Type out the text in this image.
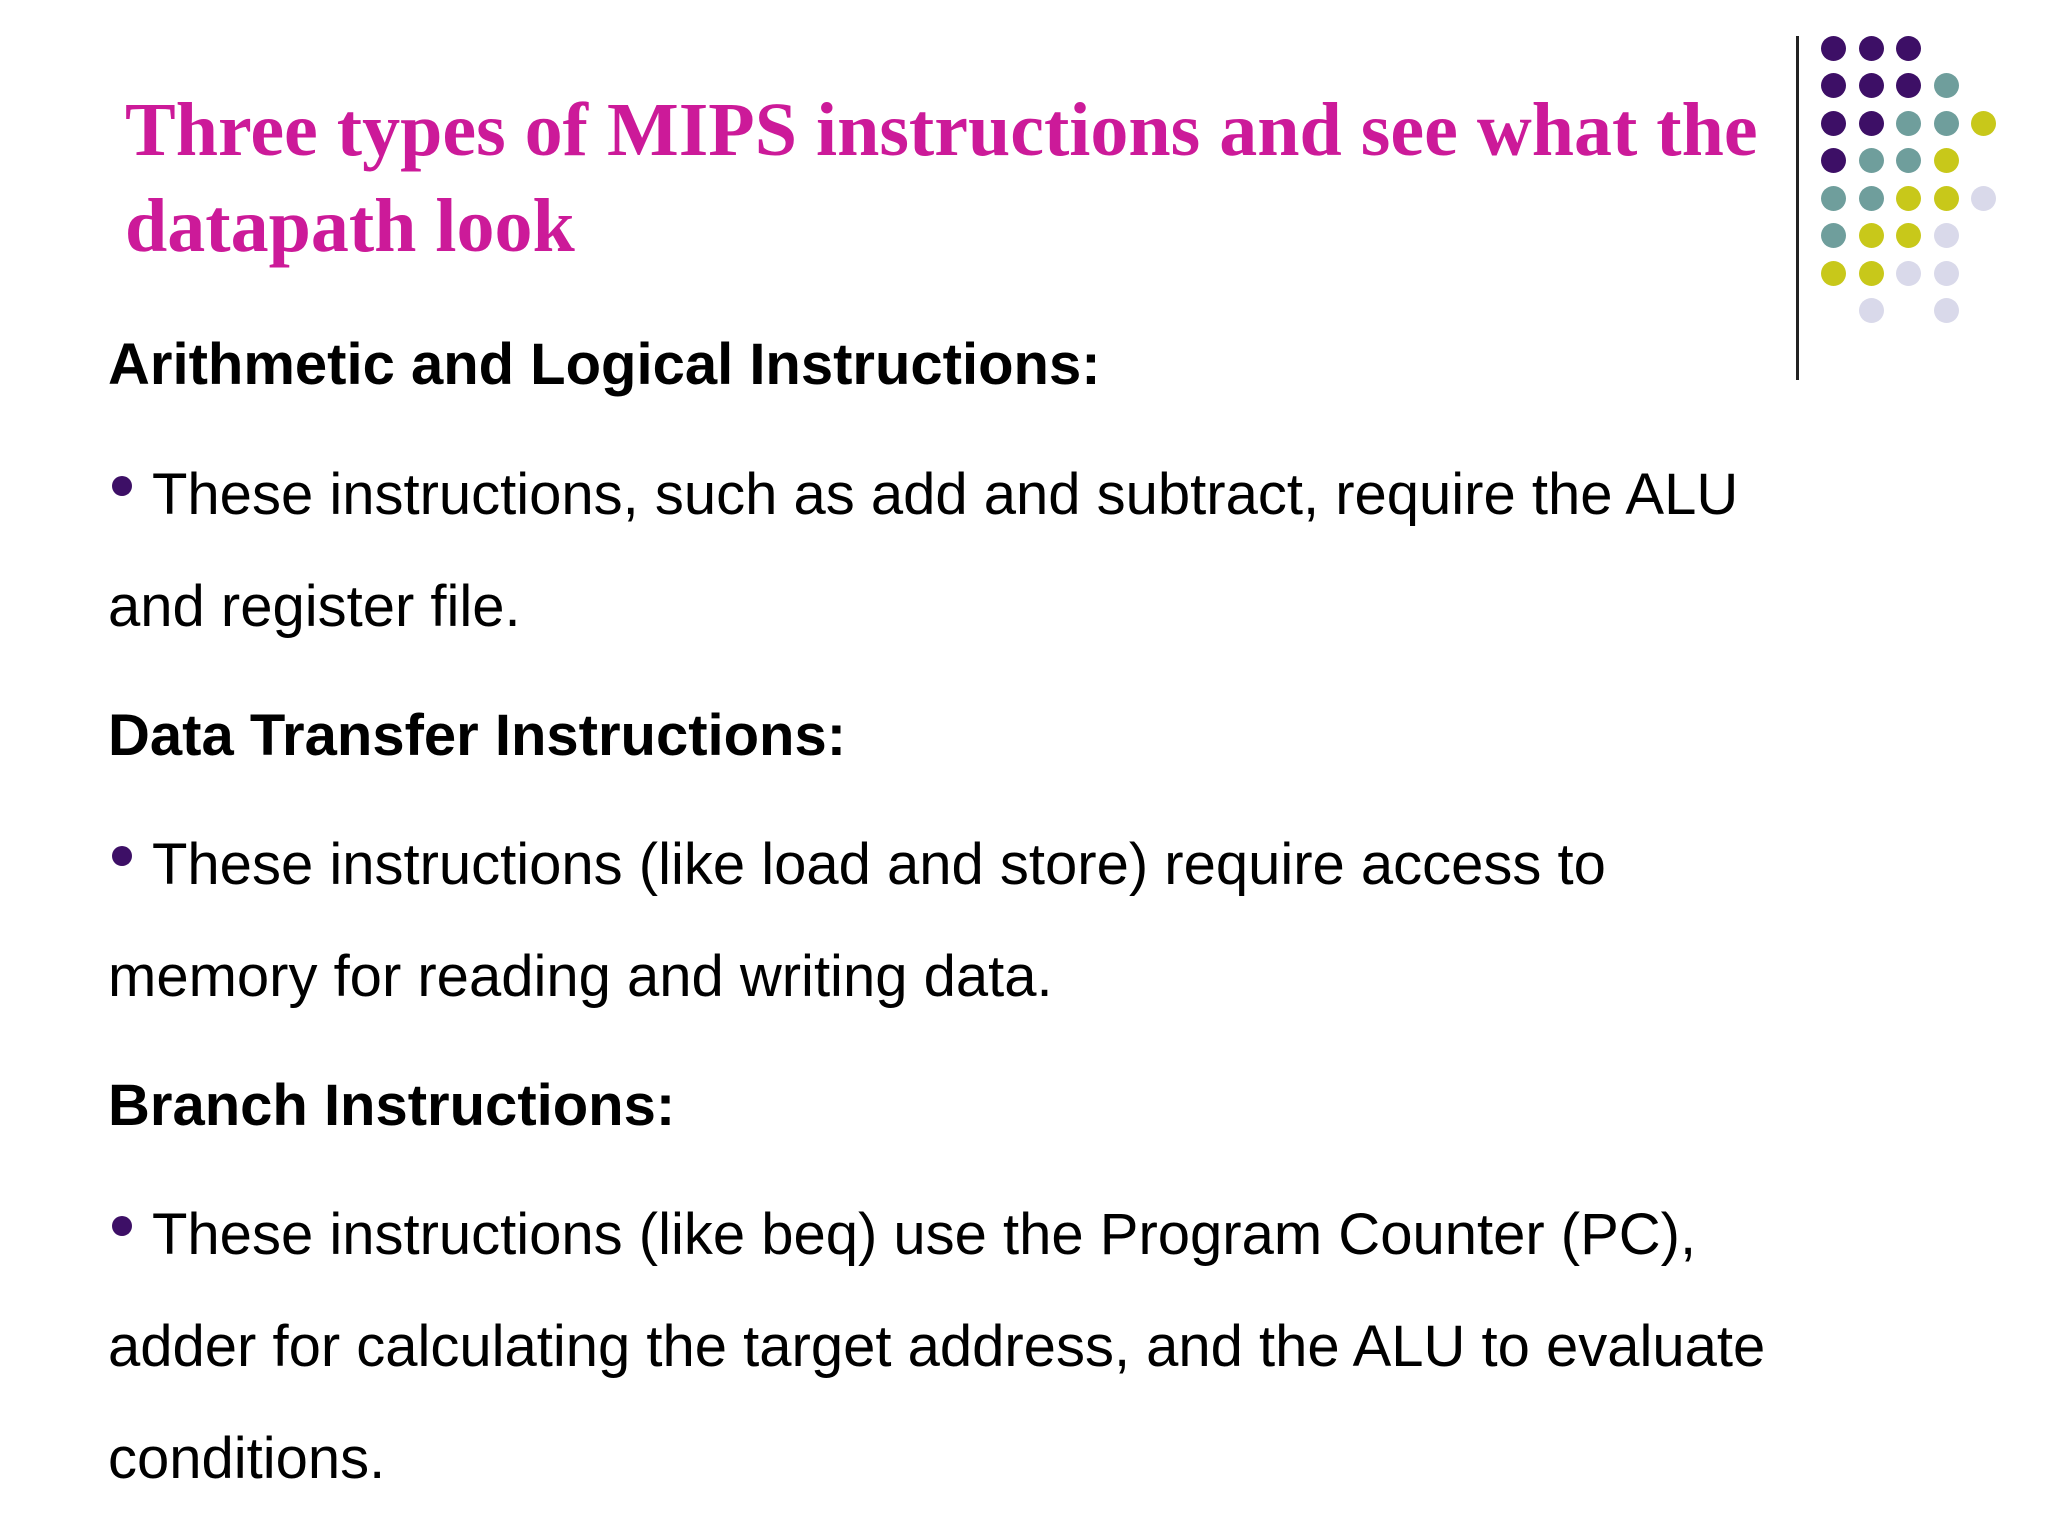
Three types of MIPS instructions and see what the datapath look
Arithmetic and Logical Instructions:
These instructions, such as add and subtract, require the ALU
and register file.
Data Transfer Instructions:
These instructions (like load and store) require access to
memory for reading and writing data.
Branch Instructions:
These instructions (like beq) use the Program Counter (PC),
adder for calculating the target address, and the ALU to evaluate
conditions.
